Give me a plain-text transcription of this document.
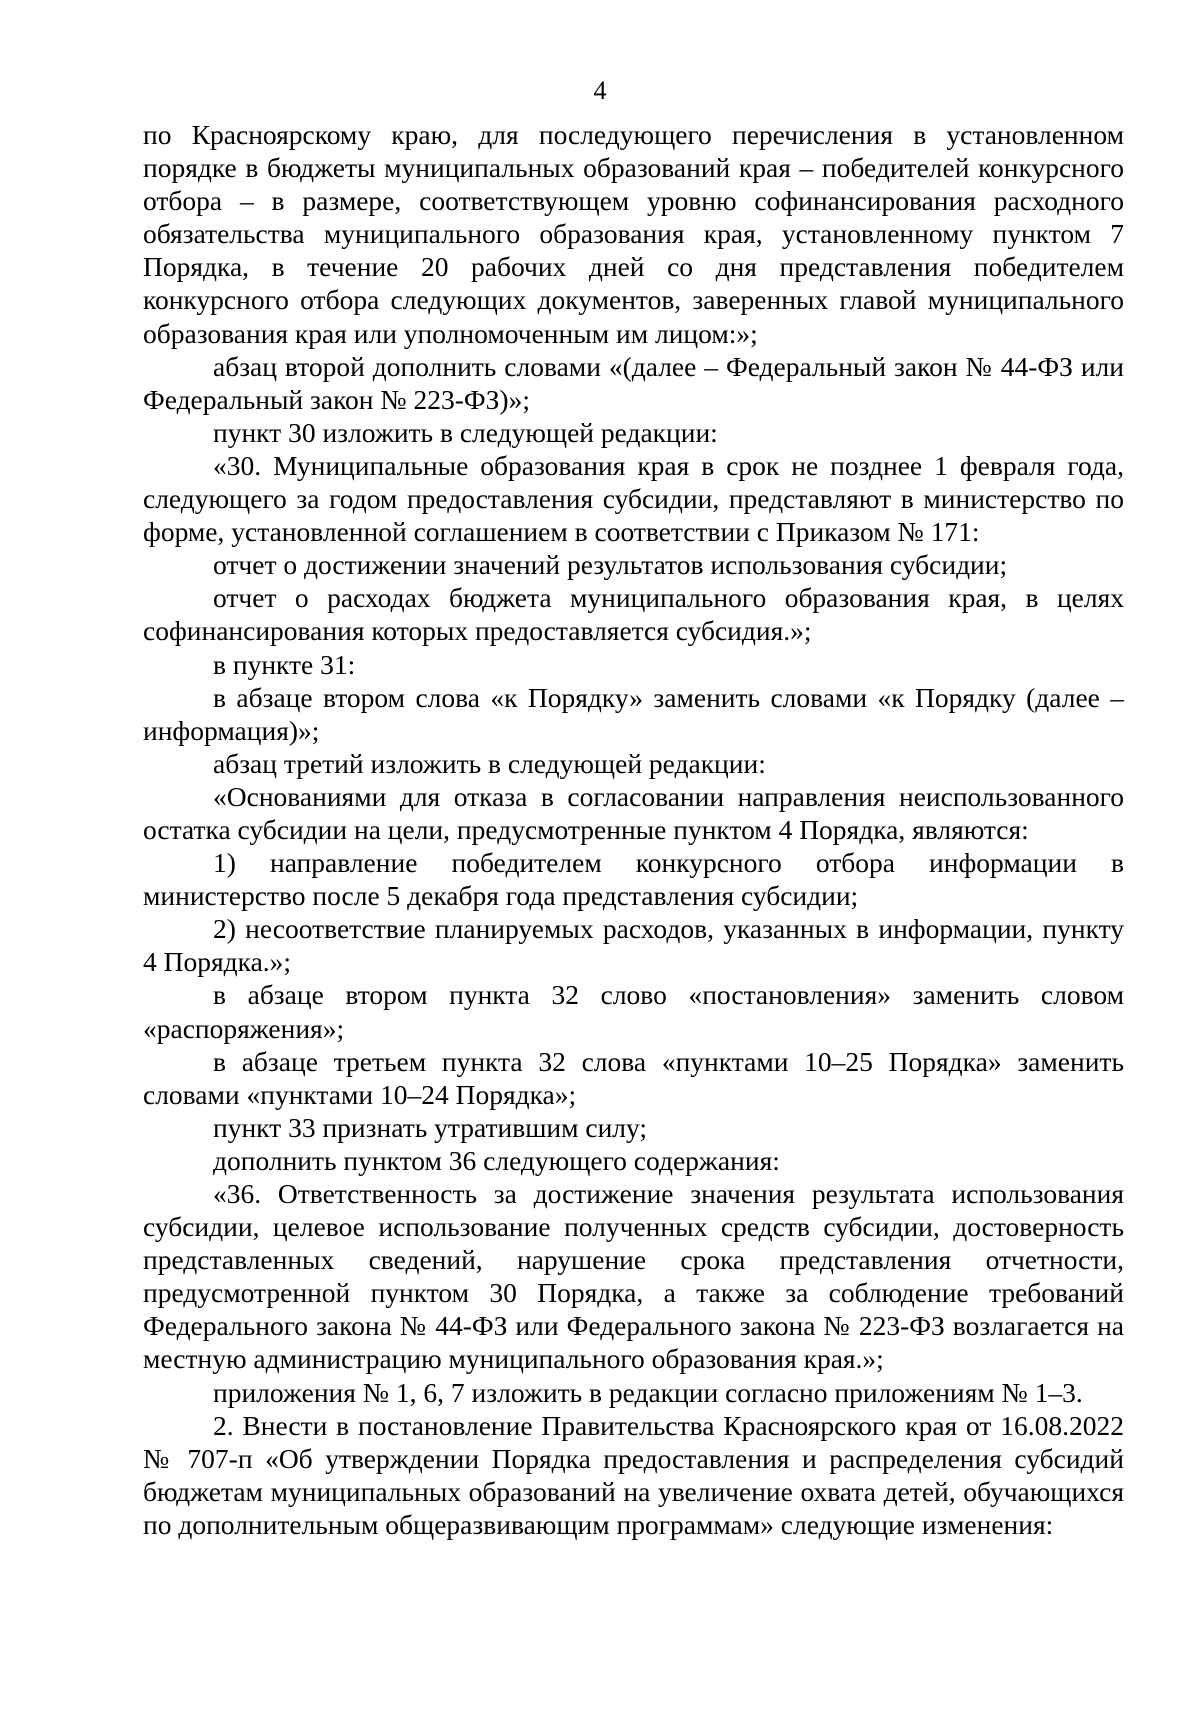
4

по Красноярскому краю, для последующего перечисления в установленном порядке в бюджеты муниципальных образований края – победителей конкурсного отбора – в размере, соответствующем уровню софинансирования расходного обязательства муниципального образования края, установленному пунктом 7 Порядка, в течение 20 рабочих дней со дня представления победителем конкурсного отбора следующих документов, заверенных главой муниципального образования края или уполномоченным им лицом:»;

абзац второй дополнить словами «(далее – Федеральный закон № 44-ФЗ или Федеральный закон № 223-ФЗ)»;

пункт 30 изложить в следующей редакции:

«30. Муниципальные образования края в срок не позднее 1 февраля года, следующего за годом предоставления субсидии, представляют в министерство по форме, установленной соглашением в соответствии с Приказом № 171:

отчет о достижении значений результатов использования субсидии;

отчет о расходах бюджета муниципального образования края, в целях софинансирования которых предоставляется субсидия.»;

в пункте 31:

в абзаце втором слова «к Порядку» заменить словами «к Порядку (далее – информация)»;

абзац третий изложить в следующей редакции:

«Основаниями для отказа в согласовании направления неиспользованного остатка субсидии на цели, предусмотренные пунктом 4 Порядка, являются:

1) направление победителем конкурсного отбора информации в министерство после 5 декабря года представления субсидии;

2) несоответствие планируемых расходов, указанных в информации, пункту 4 Порядка.»;

в абзаце втором пункта 32 слово «постановления» заменить словом «распоряжения»;

в абзаце третьем пункта 32 слова «пунктами 10–25 Порядка» заменить словами «пунктами 10–24 Порядка»;

пункт 33 признать утратившим силу;

дополнить пунктом 36 следующего содержания:

«36. Ответственность за достижение значения результата использования субсидии, целевое использование полученных средств субсидии, достоверность представленных сведений, нарушение срока представления отчетности, предусмотренной пунктом 30 Порядка, а также за соблюдение требований Федерального закона № 44-ФЗ или Федерального закона № 223-ФЗ возлагается на местную администрацию муниципального образования края.»;

приложения № 1, 6, 7 изложить в редакции согласно приложениям № 1–3.

2. Внести в постановление Правительства Красноярского края от 16.08.2022 № 707-п «Об утверждении Порядка предоставления и распределения субсидий бюджетам муниципальных образований на увеличение охвата детей, обучающихся по дополнительным общеразвивающим программам» следующие изменения:
